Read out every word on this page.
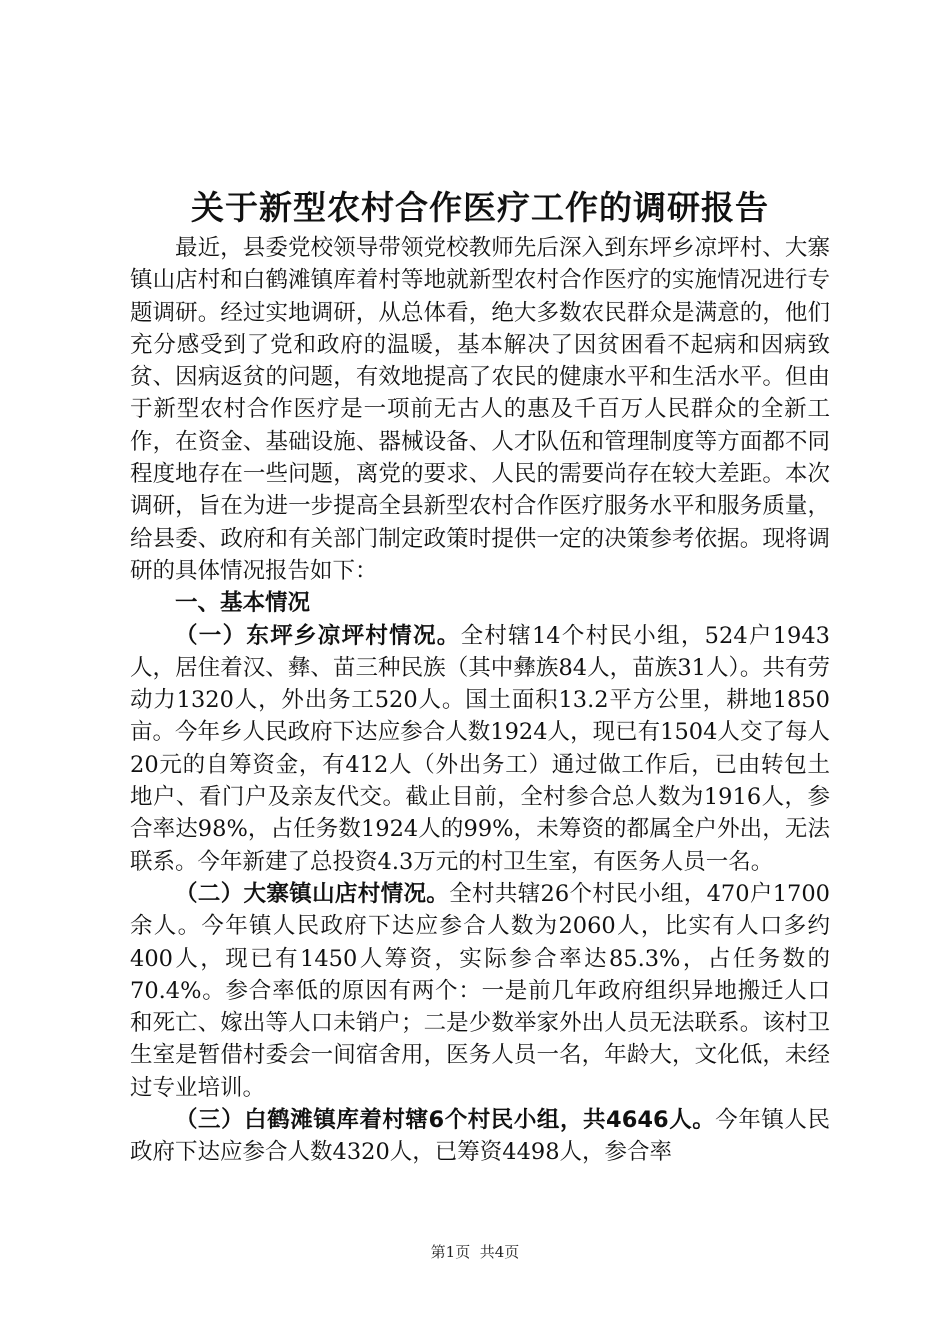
关于新型农村合作医疗工作的调研报告

最近，县委党校领导带领党校教师先后深入到东坪乡凉坪村、大寨镇山店村和白鹤滩镇库着村等地就新型农村合作医疗的实施情况进行专题调研。经过实地调研，从总体看，绝大多数农民群众是满意的，他们充分感受到了党和政府的温暖，基本解决了因贫困看不起病和因病致贫、因病返贫的问题，有效地提高了农民的健康水平和生活水平。但由于新型农村合作医疗是一项前无古人的惠及千百万人民群众的全新工作，在资金、基础设施、器械设备、人才队伍和管理制度等方面都不同程度地存在一些问题，离党的要求、人民的需要尚存在较大差距。本次调研，旨在为进一步提高全县新型农村合作医疗服务水平和服务质量，给县委、政府和有关部门制定政策时提供一定的决策参考依据。现将调研的具体情况报告如下：

一、基本情况

（一）东坪乡凉坪村情况。全村辖14个村民小组，524户1943人，居住着汉、彝、苗三种民族（其中彝族84人，苗族31人）。共有劳动力1320人，外出务工520人。国土面积13.2平方公里，耕地1850亩。今年乡人民政府下达应参合人数1924人，现已有1504人交了每人20元的自筹资金，有412人（外出务工）通过做工作后，已由转包土地户、看门户及亲友代交。截止目前，全村参合总人数为1916人，参合率达98%，占任务数1924人的99%，未筹资的都属全户外出，无法联系。今年新建了总投资4.3万元的村卫生室，有医务人员一名。

（二）大寨镇山店村情况。全村共辖26个村民小组，470户1700余人。今年镇人民政府下达应参合人数为2060人，比实有人口多约400人，现已有1450人筹资，实际参合率达85.3%，占任务数的70.4%。参合率低的原因有两个：一是前几年政府组织异地搬迁人口和死亡、嫁出等人口未销户；二是少数举家外出人员无法联系。该村卫生室是暂借村委会一间宿舍用，医务人员一名，年龄大，文化低，未经过专业培训。

（三）白鹤滩镇库着村辖6个村民小组，共4646人。今年镇人民政府下达应参合人数4320人，已筹资4498人，参合率

第1页 共4页
